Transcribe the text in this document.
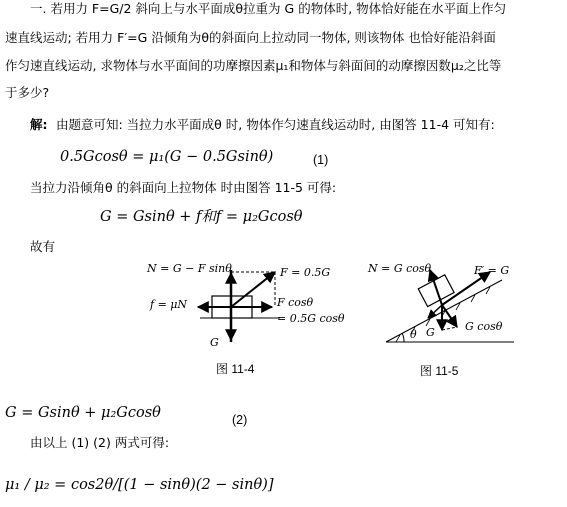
一. 若用力 F=G/2 斜向上与水平面成θ拉重为 G 的物体时, 物体恰好能在水平面上作匀
速直线运动; 若用力 F′=G 沿倾角为θ的斜面向上拉动同一物体, 则该物体 也恰好能沿斜面
作匀速直线运动, 求物体与水平面间的功摩擦因素μ₁和物体与斜面间的动摩擦因数μ₂之比等
于多少?
解: 由题意可知: 当拉力水平面成θ 时, 物体作匀速直线运动时, 由图答 11-4 可知有:
0.5Gcosθ = μ₁(G − 0.5Gsinθ)	(1)
当拉力沿倾角θ 的斜面向上拉物体 时由图答 11-5 可得:
G = Gsinθ + f和f = μ₂Gcosθ
故有
N = G − F sinθ	F = 0.5G
f = μN	F cosθ
= 0.5G cosθ
G
图 11-4
N = G cosθ	F′ = G
G cosθ
θ G
图 11-5
G = Gsinθ + μ₂Gcosθ	(2)
由以上 (1) (2) 两式可得:
μ₁ / μ₂ = cos2θ/[(1 − sinθ)(2 − sinθ)]
